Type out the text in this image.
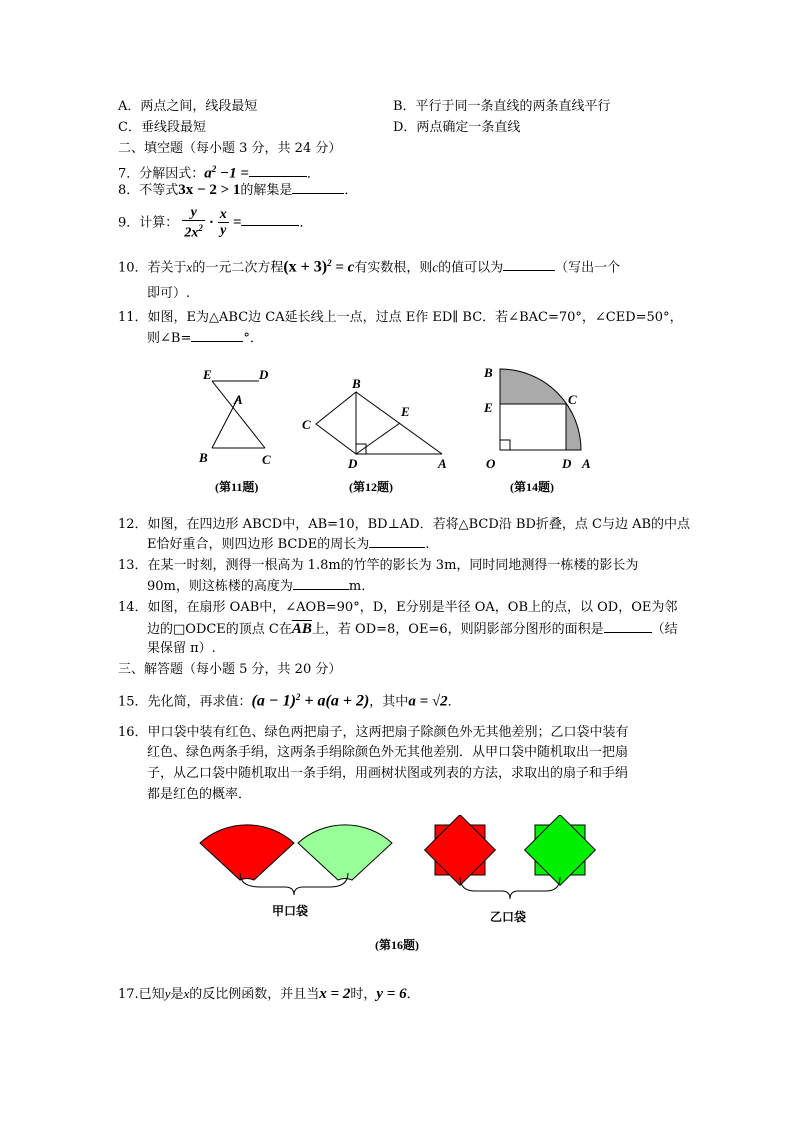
A．两点之间，线段最短	B．平行于同一条直线的两条直线平行
C．垂线段最短	D．两点确定一条直线
二、填空题（每小题 3 分，共 24 分）
7．分解因式：$a^2 -1$ =	．
8．不等式3x − 2 > 1的解集是	．
9．计算： $\frac{y}{2x^2} \cdot \frac{x}{y}$ =	．
10．若关于x的一元二次方程$(x + 3)^2 = c$有实数根，则c的值可以为	（写出一个
即可）.
11．如图，E为△ABC边 CA延长线上一点，过点 E作 ED∥ BC．若∠BAC=70°，∠CED=50°，
则∠B=	°．
E	D
A
B	C
(第11题)
B
C
E
D	A
(第12题)
B
E
C
O	D A
(第14题)
12．如图，在四边形 ABCD中，AB=10，BD⊥AD．若将△BCD沿 BD折叠，点 C与边 AB的中点
E恰好重合，则四边形 BCDE的周长为	.
13．在某一时刻，测得一根高为 1.8m的竹竿的影长为 3m，同时同地测得一栋楼的影长为
90m，则这栋楼的高度为	m．
14．如图，在扇形 OAB中，∠AOB=90°，D，E分别是半径 OA，OB上的点，以 OD，OE为邻
边的□ODCE的顶点 C在$\overline{AB}$上，若 OD=8，OE=6，则阴影部分图形的面积是	（结
果保留 π）.
三、解答题（每小题 5 分，共 20 分）
15．先化简，再求值：$(a - 1)^2 + a(a + 2)$，其中a = √2．
16．甲口袋中装有红色、绿色两把扇子，这两把扇子除颜色外无其他差别；乙口袋中装有
红色、绿色两条手绢，这两条手绢除颜色外无其他差别．从甲口袋中随机取出一把扇
子，从乙口袋中随机取出一条手绢，用画树状图或列表的方法，求取出的扇子和手绢
都是红色的概率．
甲口袋	乙口袋
(第16题)
17.已知y是x的反比例函数，并且当x = 2时，y = 6．
